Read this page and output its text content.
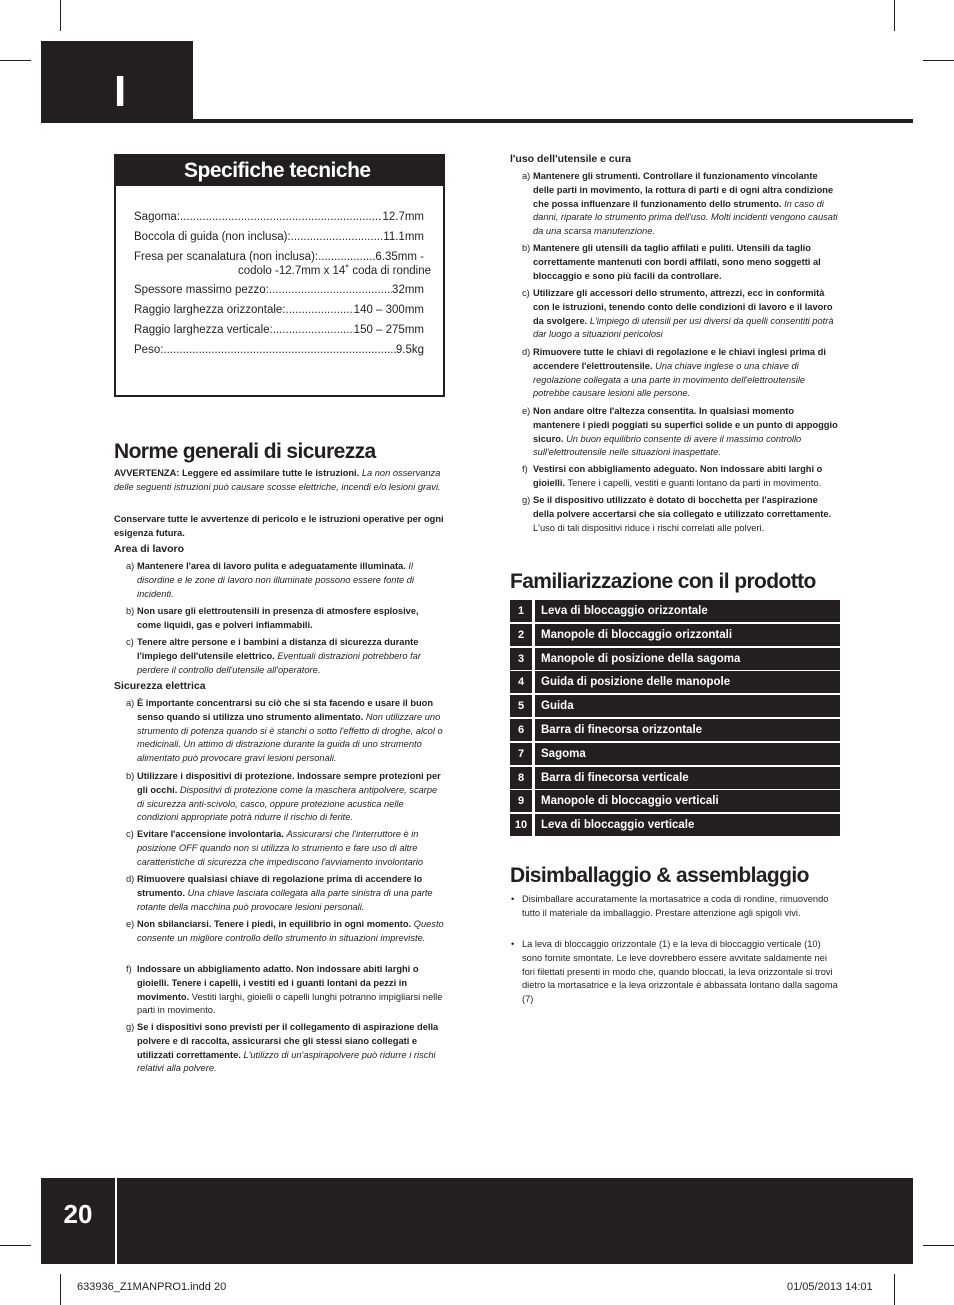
I
Specifiche tecniche
Sagoma: .....	12.7mm
Boccola di guida (non inclusa): .....	11.1mm
Fresa per scanalatura (non inclusa): .....	6.35mm -
codolo -12.7mm x 14˚ coda di rondine
Spessore massimo pezzo: .....	32mm
Raggio larghezza orizzontale: .....	140 – 300mm
Raggio larghezza verticale: .....	150 – 275mm
Peso: .....	9.5kg
Norme generali di sicurezza
AVVERTENZA: Leggere ed assimilare tutte le istruzioni. La non osservanza delle seguenti istruzioni può causare scosse elettriche, incendi e/o lesioni gravi.
Conservare tutte le avvertenze di pericolo e le istruzioni operative per ogni esigenza futura.
Area di lavoro
a) Mantenere l'area di lavoro pulita e adeguatamente illuminata. Il disordine e le zone di lavoro non illuminate possono essere fonte di incidenti.
b) Non usare gli elettroutensili in presenza di atmosfere esplosive, come liquidi, gas e polveri infiammabili.
c) Tenere altre persone e i bambini a distanza di sicurezza durante l'impiego dell'utensile elettrico. Eventuali distrazioni potrebbero far perdere il controllo dell'utensile all'operatore.
Sicurezza elettrica
a) È importante concentrarsi su ciò che si sta facendo e usare il buon senso quando si utilizza uno strumento alimentato. Non utilizzare uno strumento di potenza quando si è stanchi o sotto l'effetto di droghe, alcol o medicinali. Un attimo di distrazione durante la guida di uno strumento alimentato può provocare gravi lesioni personali.
b) Utilizzare i dispositivi di protezione. Indossare sempre protezioni per gli occhi. Dispositivi di protezione come la maschera antipolvere, scarpe di sicurezza anti-scivolo, casco, oppure protezione acustica nelle condizioni appropriate potrà ridurre il rischio di ferite.
c) Evitare l'accensione involontaria. Assicurarsi che l'interruttore è in posizione OFF quando non si utilizza lo strumento e fare uso di altre caratteristiche di sicurezza che impediscono l'avviamento involontario
d) Rimuovere qualsiasi chiave di regolazione prima di accendere lo strumento. Una chiave lasciata collegata alla parte sinistra di una parte rotante della macchina può provocare lesioni personali.
e) Non sbilanciarsi. Tenere i piedi, in equilibrio in ogni momento. Questo consente un migliore controllo dello strumento in situazioni impreviste.
f) Indossare un abbigliamento adatto. Non indossare abiti larghi o gioielli. Tenere i capelli, i vestiti ed i guanti lontani da pezzi in movimento. Vestiti larghi, gioielli o capelli lunghi potranno impigliarsi nelle parti in movimento.
g) Se i dispositivi sono previsti per il collegamento di aspirazione della polvere e di raccolta, assicurarsi che gli stessi siano collegati e utilizzati correttamente. L'utilizzo di un'aspirapolvere può ridurre i rischi relativi alla polvere.
l'uso dell'utensile e cura
a) Mantenere gli strumenti. Controllare il funzionamento vincolante delle parti in movimento, la rottura di parti e di ogni altra condizione che possa influenzare il funzionamento dello strumento. In caso di danni, riparate lo strumento prima dell'uso. Molti incidenti vengono causati da una scarsa manutenzione.
b) Mantenere gli utensili da taglio affilati e puliti. Utensili da taglio correttamente mantenuti con bordi affilati, sono meno soggetti al bloccaggio e sono più facili da controllare.
c) Utilizzare gli accessori dello strumento, attrezzi, ecc in conformità con le istruzioni, tenendo conto delle condizioni di lavoro e il lavoro da svolgere. L'impiego di utensili per usi diversi da quelli consentiti potrà dar luogo a situazioni pericolosi
d) Rimuovere tutte le chiavi di regolazione e le chiavi inglesi prima di accendere l'elettroutensile. Una chiave inglese o una chiave di regolazione collegata a una parte in movimento dell'elettroutensile potrebbe causare lesioni alle persone.
e) Non andare oltre l'altezza consentita. In qualsiasi momento mantenere i piedi poggiati su superfici solide e un punto di appoggio sicuro. Un buon equilibrio consente di avere il massimo controllo sull'elettroutensile nelle situazioni inaspettate.
f) Vestirsi con abbigliamento adeguato. Non indossare abiti larghi o gioielli. Tenere i capelli, vestiti e guanti lontano da parti in movimento.
g) Se il dispositivo utilizzato è dotato di bocchetta per l'aspirazione della polvere accertarsi che sia collegato e utilizzato correttamente. L'uso di tali dispositivi riduce i rischi correlati alle polveri.
Familiarizzazione con il prodotto
1	Leva di bloccaggio orizzontale
2	Manopole di bloccaggio orizzontali
3	Manopole di posizione della sagoma
4	Guida di posizione delle manopole
5	Guida
6	Barra di finecorsa orizzontale
7	Sagoma
8	Barra di finecorsa verticale
9	Manopole di bloccaggio verticali
10	Leva di bloccaggio verticale
Disimballaggio & assemblaggio
• Disimballare accuratamente la mortasatrice a coda di rondine, rimuovendo tutto il materiale da imballaggio. Prestare attenzione agli spigoli vivi.
• La leva di bloccaggio orizzontale (1) e la leva di bloccaggio verticale (10) sono fornite smontate. Le leve dovrebbero essere avvitate saldamente nei fori filettati presenti in modo che, quando bloccati, la leva orizzontale si trovi dietro la mortasatrice e la leva orizzontale é abbassata lontano dalla sagoma (7)
20
633936_Z1MANPRO1.indd 20	01/05/2013 14:01
